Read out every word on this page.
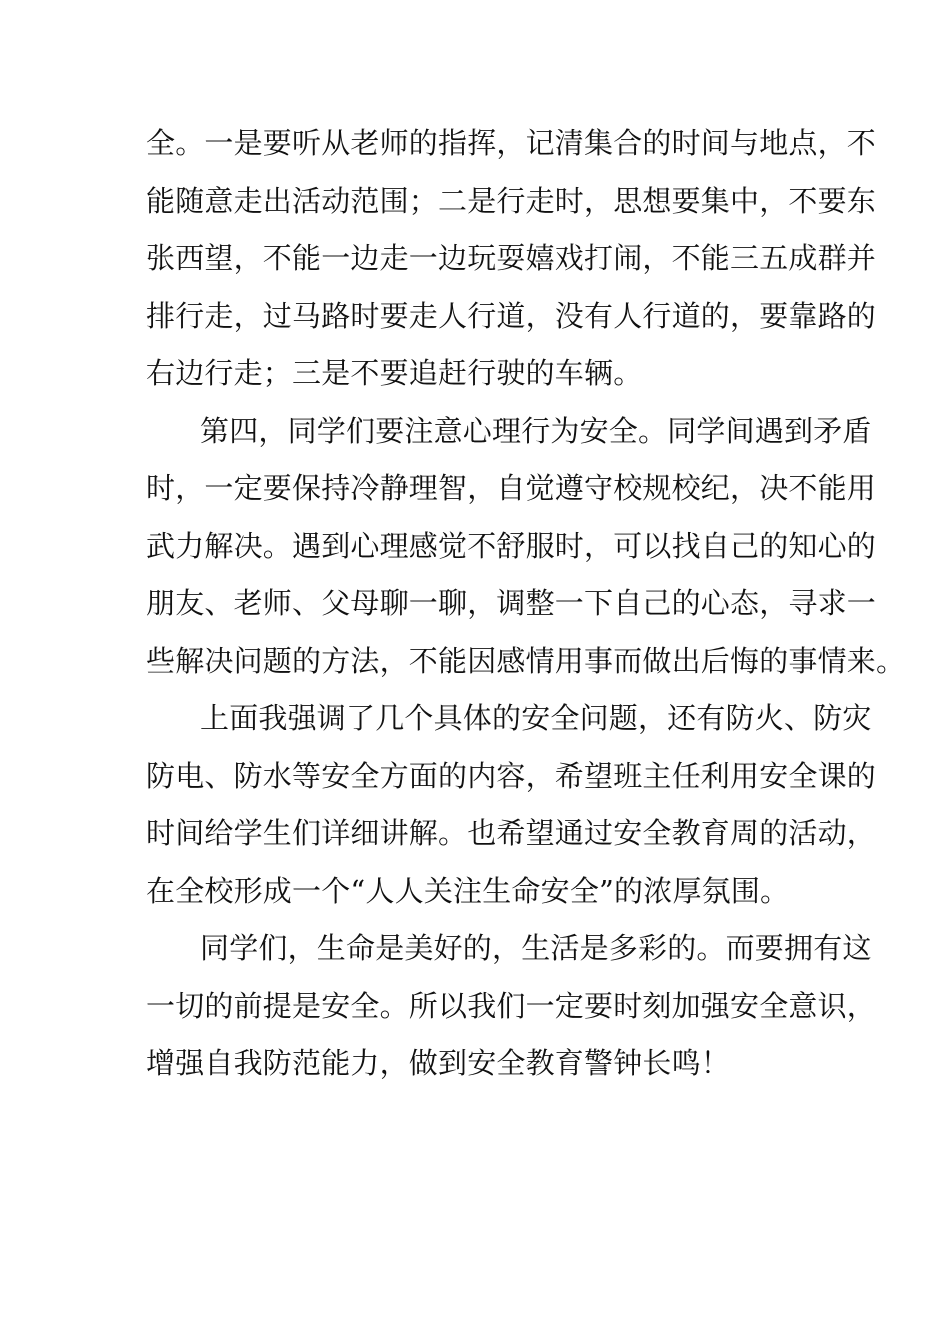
全。一是要听从老师的指挥，记清集合的时间与地点，不
能随意走出活动范围；二是行走时，思想要集中，不要东
张西望，不能一边走一边玩耍嬉戏打闹，不能三五成群并
排行走，过马路时要走人行道，没有人行道的，要靠路的
右边行走；三是不要追赶行驶的车辆。
第四，同学们要注意心理行为安全。同学间遇到矛盾
时，一定要保持冷静理智，自觉遵守校规校纪，决不能用
武力解决。遇到心理感觉不舒服时，可以找自己的知心的
朋友、老师、父母聊一聊，调整一下自己的心态，寻求一
些解决问题的方法，不能因感情用事而做出后悔的事情来。
上面我强调了几个具体的安全问题，还有防火、防灾
防电、防水等安全方面的内容，希望班主任利用安全课的
时间给学生们详细讲解。也希望通过安全教育周的活动，
在全校形成一个“人人关注生命安全”的浓厚氛围。
同学们，生命是美好的，生活是多彩的。而要拥有这
一切的前提是安全。所以我们一定要时刻加强安全意识，
增强自我防范能力，做到安全教育警钟长鸣！
